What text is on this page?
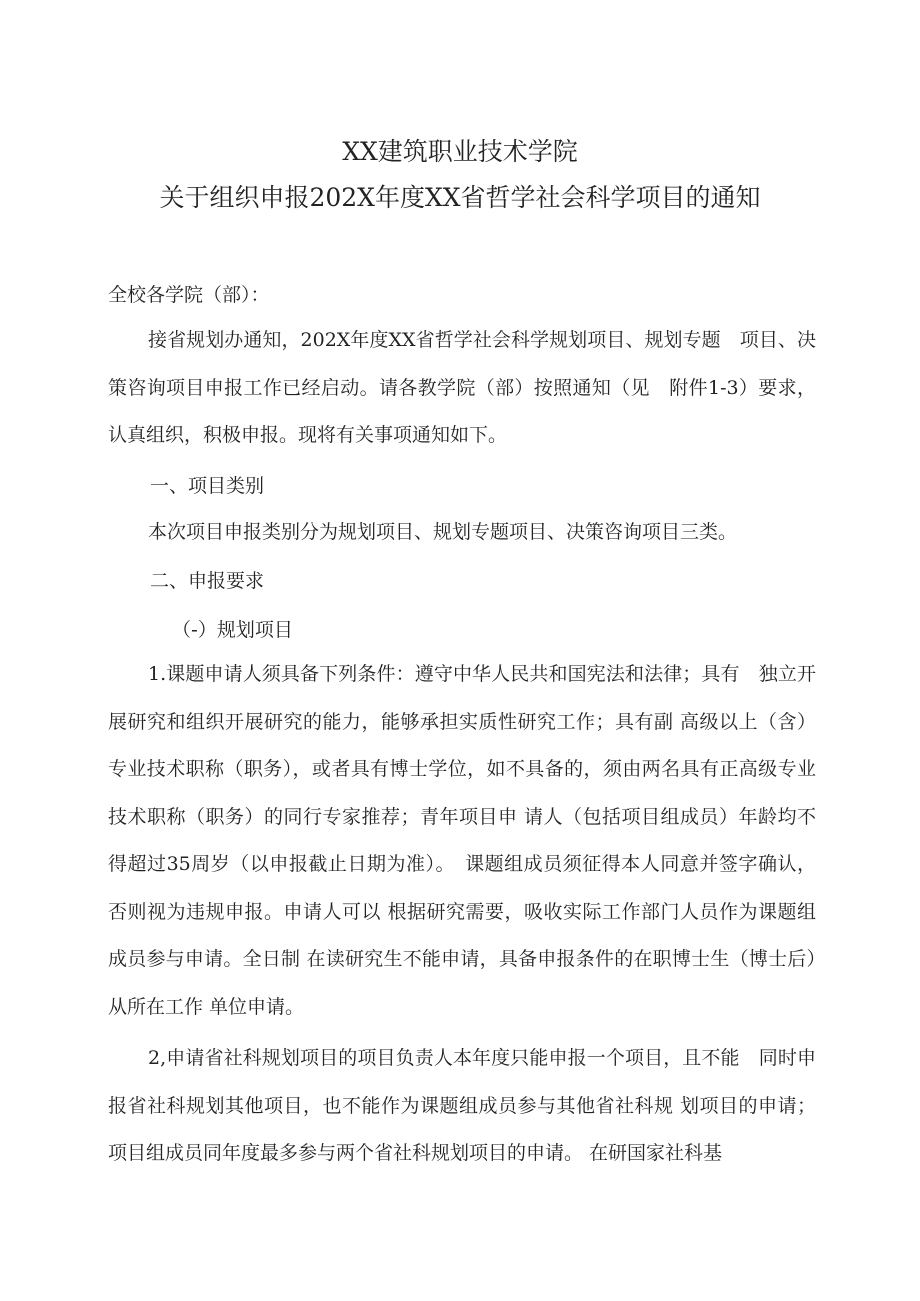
XX建筑职业技术学院
关于组织申报202X年度XX省哲学社会科学项目的通知
全校各学院（部）：

接省规划办通知，202X年度XX省哲学社会科学规划项目、规划专题　项目、决策咨询项目申报工作已经启动。请各教学院（部）按照通知（见　附件1-3）要求，认真组织，积极申报。现将有关事项通知如下。

一、项目类别

本次项目申报类别分为规划项目、规划专题项目、决策咨询项目三类。

二、申报要求
（-）规划项目

1.课题申请人须具备下列条件：遵守中华人民共和国宪法和法律；具有　独立开展研究和组织开展研究的能力，能够承担实质性研究工作；具有副 高级以上（含）专业技术职称（职务），或者具有博士学位，如不具备的，须由两名具有正高级专业技术职称（职务）的同行专家推荐；青年项目申 请人（包括项目组成员）年龄均不得超过35周岁（以申报截止日期为准）。　课题组成员须征得本人同意并签字确认，否则视为违规申报。申请人可以 根据研究需要，吸收实际工作部门人员作为课题组成员参与申请。全日制 在读研究生不能申请，具备申报条件的在职博士生（博士后）从所在工作 单位申请。

2,申请省社科规划项目的项目负责人本年度只能申报一个项目，且不能　同时申报省社科规划其他项目，也不能作为课题组成员参与其他省社科规 划项目的申请；项目组成员同年度最多参与两个省社科规划项目的申请。 在研国家社科基
